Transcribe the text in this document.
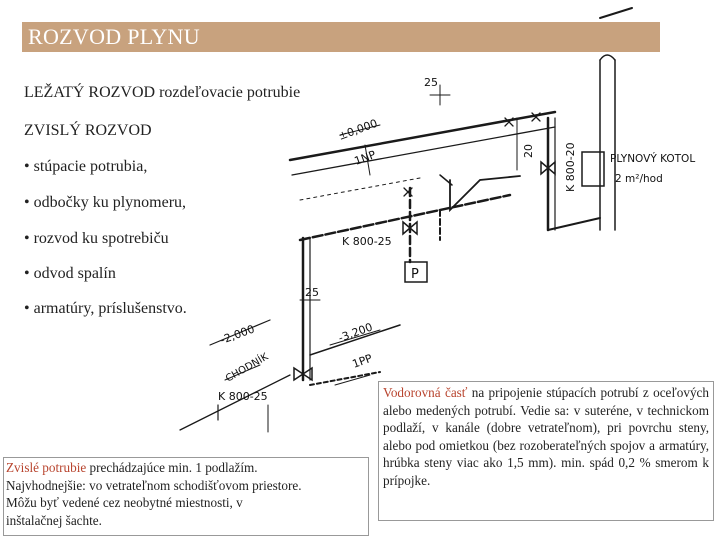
ROZVOD PLYNU
25
±0,000
1NP	20	K 800-20	PLYNOVÝ KOTOL
2 m²/hod
K 800-25
P
25
-2,000	-3,200
CHODNÍK	1PP
K 800-25
LEŽATÝ ROZVOD rozdeľovacie potrubie
ZVISLÝ ROZVOD
• stúpacie potrubia,
• odbočky ku plynomeru,
• rozvod ku spotrebiču
• odvod spalín
• armatúry, príslušenstvo.
Zvislé potrubie prechádzajúce min. 1 podlažím.
Najvhodnejšie: vo vetrateľnom schodišťovom priestore.
Môžu byť vedené cez neobytné miestnosti, v
inštalačnej šachte.
Vodorovná časť na pripojenie stúpacích potrubí z oceľových alebo medených potrubí. Vedie sa: v suteréne, v technickom podlaží, v kanále (dobre vetrateľnom), pri povrchu steny, alebo pod omietkou (bez rozoberateľných spojov a armatúry, hrúbka steny viac ako 1,5 mm). min. spád 0,2 % smerom k prípojke.
